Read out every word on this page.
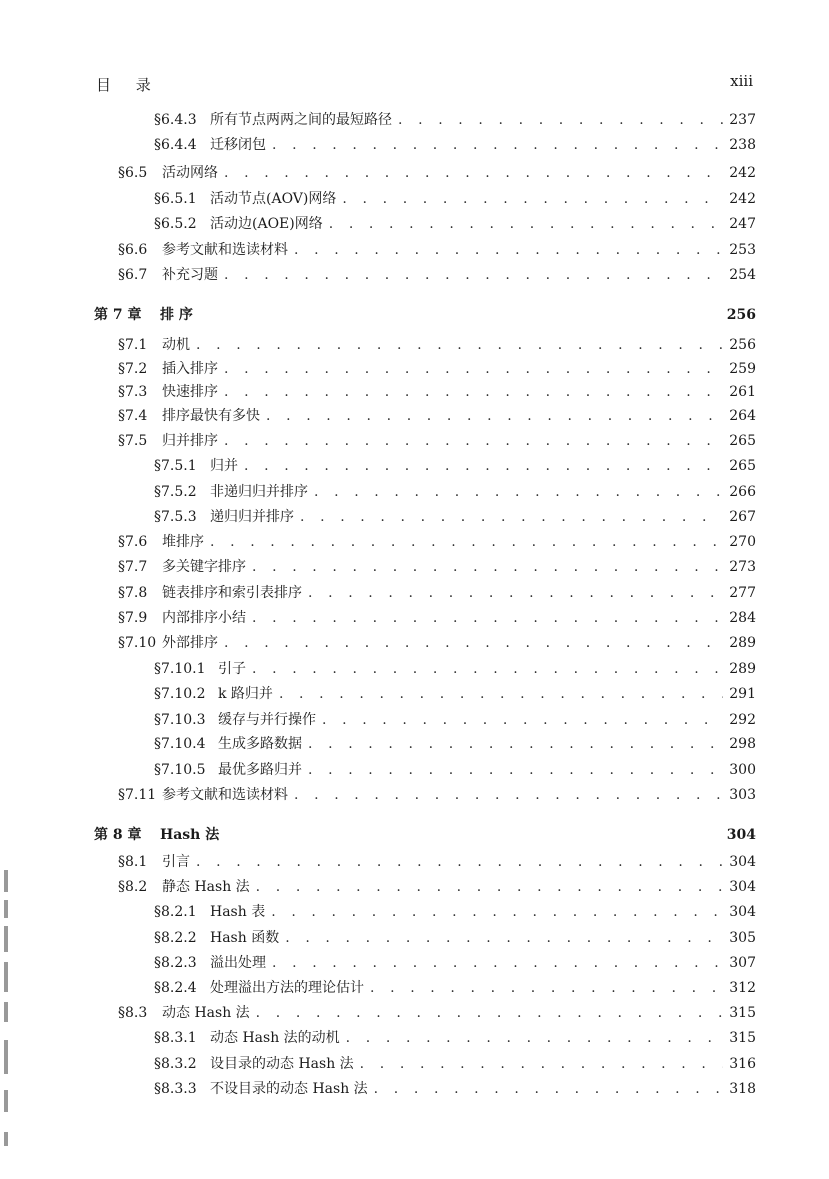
目 录	xiii
§6.4.3 所有节点两两之间的最短路径 . . .	237
§6.4.4 迁移闭包 . . .	238
§6.5	活动网络 . . .	242
§6.5.1 活动节点(AOV)网络 . . .	242
§6.5.2 活动边(AOE)网络 . . .	247
§6.6	参考文献和选读材料 . . .	253
§6.7	补充习题 . . .	254
第 7 章	排 序	256
§7.1	动机 . . .	256
§7.2	插入排序 . . .	259
§7.3	快速排序 . . .	261
§7.4	排序最快有多快 . . .	264
§7.5	归并排序 . . .	265
§7.5.1 归并 . . .	265
§7.5.2 非递归归并排序 . . .	266
§7.5.3 递归归并排序 . . .	267
§7.6	堆排序 . . .	270
§7.7	多关键字排序 . . .	273
§7.8	链表排序和索引表排序 . . .	277
§7.9	内部排序小结 . . .	284
§7.10 外部排序 . . .	289
§7.10.1 引子 . . .	289
§7.10.2 k 路归并 . . .	291
§7.10.3 缓存与并行操作 . . .	292
§7.10.4 生成多路数据 . . .	298
§7.10.5 最优多路归并 . . .	300
§7.11 参考文献和选读材料 . . .	303
第 8 章	Hash 法	304
§8.1	引言 . . .	304
§8.2	静态 Hash 法 . . .	304
§8.2.1 Hash 表 . . .	304
§8.2.2 Hash 函数 . . .	305
§8.2.3 溢出处理 . . .	307
§8.2.4 处理溢出方法的理论估计 . . .	312
§8.3	动态 Hash 法 . . .	315
§8.3.1 动态 Hash 法的动机 . . .	315
§8.3.2 设目录的动态 Hash 法 . . .	316
§8.3.3 不设目录的动态 Hash 法 . . .	318
